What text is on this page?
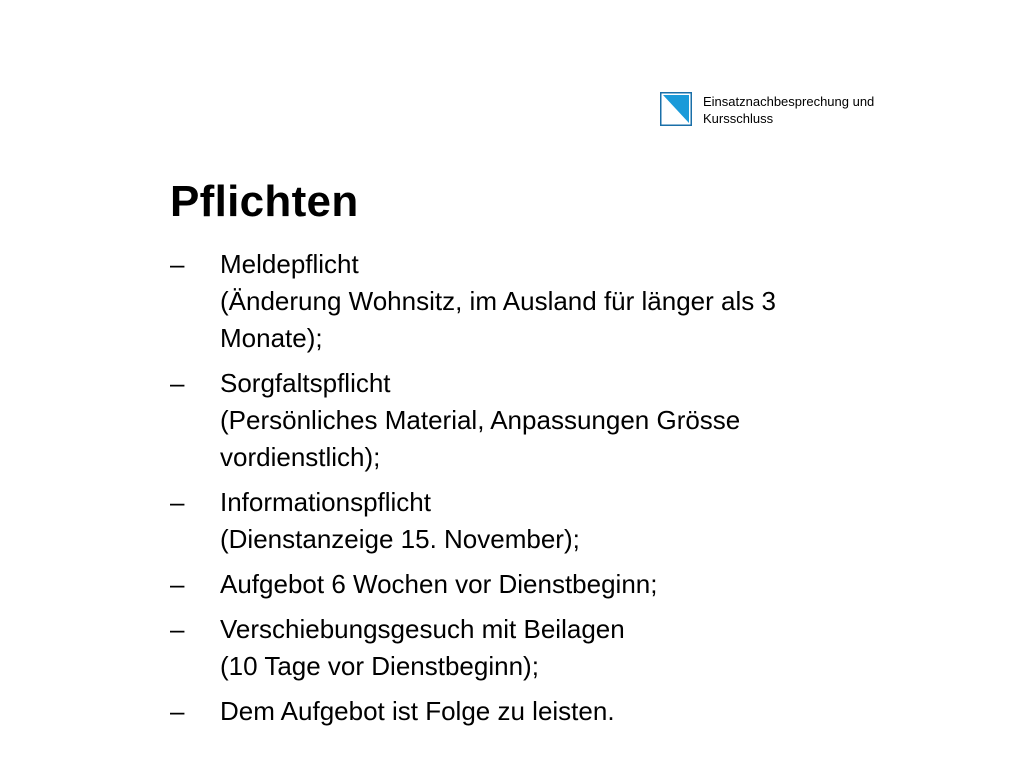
Einsatznachbesprechung und
Kursschluss
Pflichten
–	Meldepflicht
(Änderung Wohnsitz, im Ausland für länger als 3 Monate);
–	Sorgfaltspflicht
(Persönliches Material, Anpassungen Grösse vordienstlich);
–	Informationspflicht
(Dienstanzeige 15. November);
–	Aufgebot 6 Wochen vor Dienstbeginn;
–	Verschiebungsgesuch mit Beilagen
(10 Tage vor Dienstbeginn);
–	Dem Aufgebot ist Folge zu leisten.
